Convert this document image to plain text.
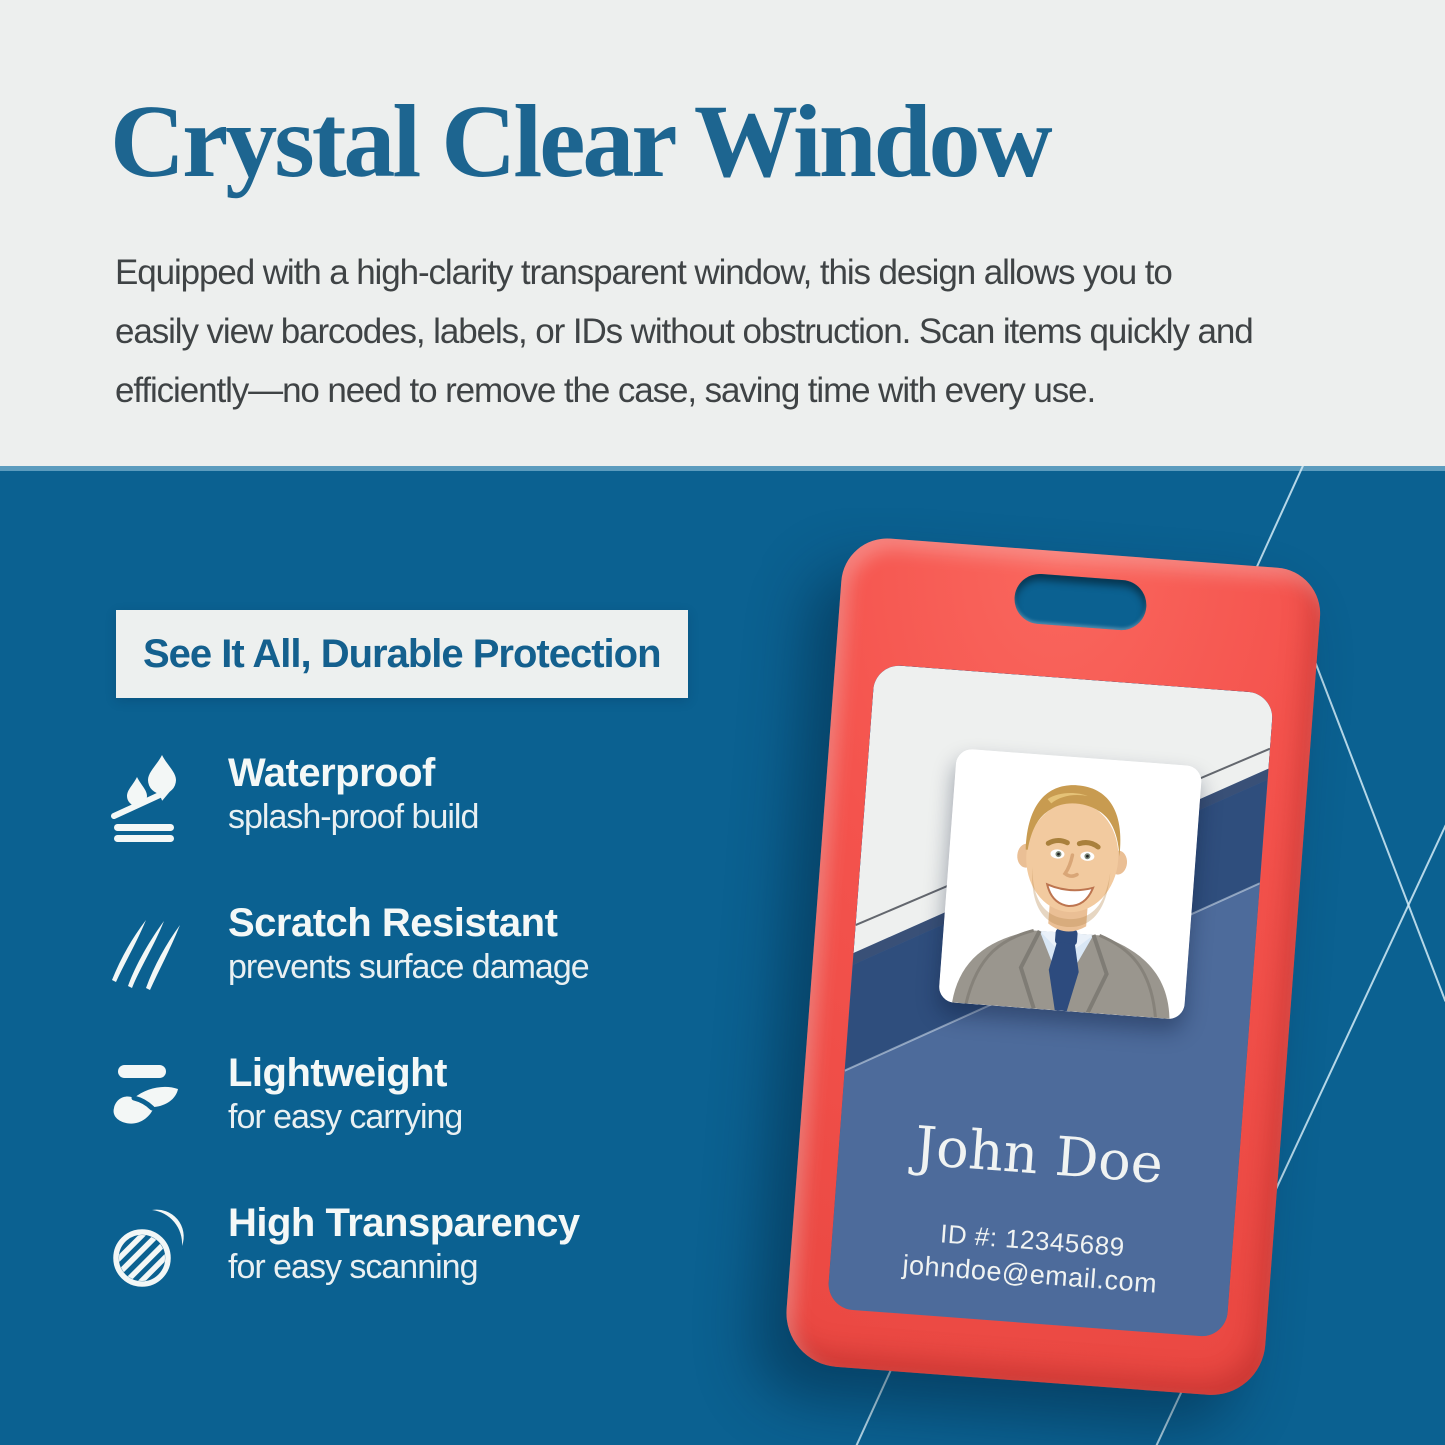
Crystal Clear Window
Equipped with a high-clarity transparent window, this design allows you to
easily view barcodes, labels, or IDs without obstruction. Scan items quickly and
efficiently—no need to remove the case, saving time with every use.
See It All, Durable Protection
Waterproof
splash-proof build
Scratch Resistant
prevents surface damage
Lightweight
for easy carrying
High Transparency
for easy scanning
John Doe
ID #: 12345689
johndoe@email.com
